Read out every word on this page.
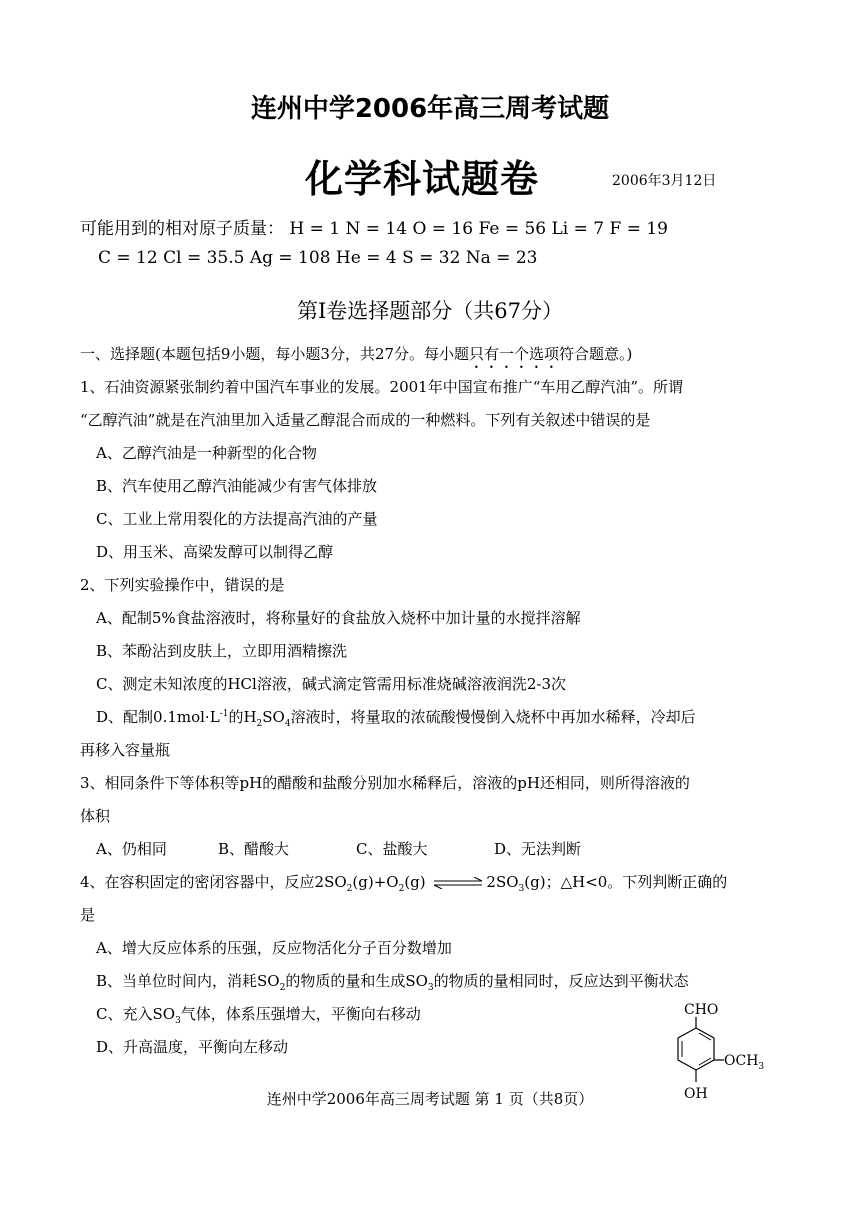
连州中学2006年高三周考试题
化学科试题卷	2006年3月12日
可能用到的相对原子质量： H = 1 N = 14 O = 16 Fe = 56 Li = 7 F = 19
C = 12 Cl = 35.5 Ag = 108 He = 4 S = 32 Na = 23
第Ⅰ卷选择题部分（共67分）
一、选择题(本题包括9小题，每小题3分，共27分。每小题只有一个选项符合题意。)
1、石油资源紧张制约着中国汽车事业的发展。2001年中国宣布推广“车用乙醇汽油”。所谓
“乙醇汽油”就是在汽油里加入适量乙醇混合而成的一种燃料。下列有关叙述中错误的是
A、乙醇汽油是一种新型的化合物
B、汽车使用乙醇汽油能减少有害气体排放
C、工业上常用裂化的方法提高汽油的产量
D、用玉米、高梁发醇可以制得乙醇
2、下列实验操作中，错误的是
A、配制5%食盐溶液时，将称量好的食盐放入烧杯中加计量的水搅拌溶解
B、苯酚沾到皮肤上，立即用酒精擦洗
C、测定未知浓度的HCl溶液，碱式滴定管需用标准烧碱溶液润洗2-3次
D、配制$0.1mol\cdot L^{-1}$的$H_2SO_4$溶液时，将量取的浓硫酸慢慢倒入烧杯中再加水稀释，冷却后
再移入容量瓶
3、相同条件下等体积等pH的醋酸和盐酸分别加水稀释后，溶液的pH还相同，则所得溶液的
体积
A、仍相同	B、醋酸大	C、盐酸大	D、无法判断
4、在容积固定的密闭容器中，反应$2SO_2(g)+O_2(g)$ ⇌ $2SO_3(g)$；△H<0。下列判断正确的
是
A、增大反应体系的压强，反应物活化分子百分数增加
B、当单位时间内，消耗$SO_2$的物质的量和生成$SO_3$的物质的量相同时，反应达到平衡状态
C、充入$SO_3$气体，体系压强增大，平衡向右移动
D、升高温度，平衡向左移动
CHO
$OCH_3$
OH
连州中学2006年高三周考试题 第 1 页（共8页）
